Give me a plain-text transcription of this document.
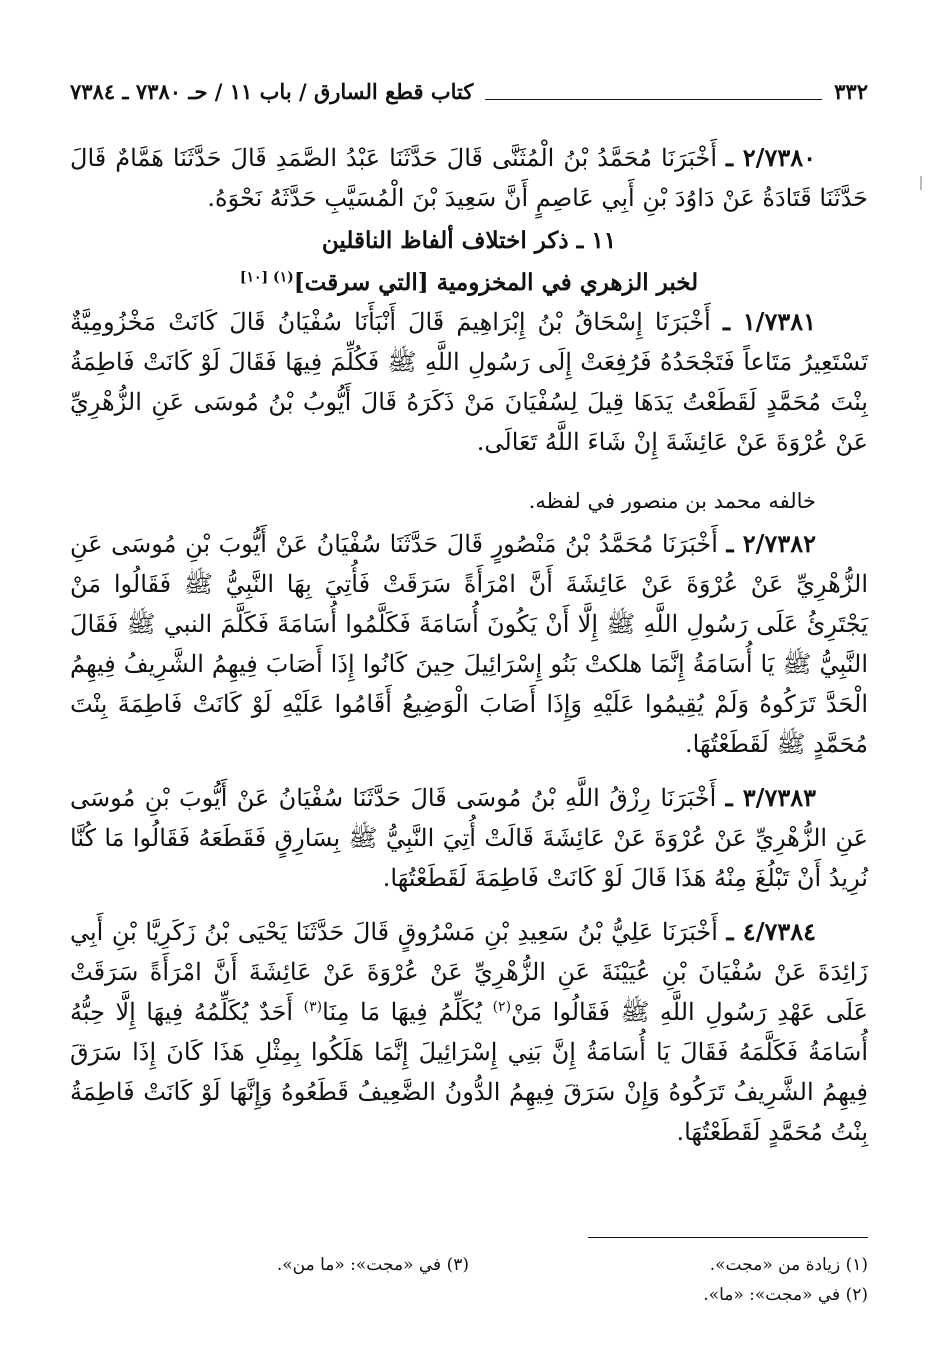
٣٣٢
كتاب قطع السارق / باب ١١ / حـ ٧٣٨٠ ـ ٧٣٨٤

٢/٧٣٨٠ ـ أَخْبَرَنَا مُحَمَّدُ بْنُ الْمُثَنَّى قَالَ حَدَّثَنَا عَبْدُ الصَّمَدِ قَالَ حَدَّثَنَا هَمَّامٌ قَالَ حَدَّثَنَا قَتَادَةُ عَنْ دَاوُدَ بْنِ أَبِي عَاصِمٍ أَنَّ سَعِيدَ بْنَ الْمُسَيَّبِ حَدَّثَهُ نَحْوَهُ.

١١ ـ ذكر اختلاف ألفاظ الناقلين
لخبر الزهري في المخزومية [التي سرقت]$^{(١) [١٠]}$

١/٧٣٨١ ـ أَخْبَرَنَا إِسْحَاقُ بْنُ إِبْرَاهِيمَ قَالَ أَنْبَأَنَا سُفْيَانُ قَالَ كَانَتْ مَخْزُومِيَّةٌ تَسْتَعِيرُ مَتَاعاً فَتَجْحَدُهُ فَرُفِعَتْ إِلَى رَسُولِ اللَّهِ ﷺ فَكُلِّمَ فِيهَا فَقَالَ لَوْ كَانَتْ فَاطِمَةُ بِنْتَ مُحَمَّدٍ لَقَطَعْتُ يَدَهَا قِيلَ لِسُفْيَانَ مَنْ ذَكَرَهُ قَالَ أَيُّوبُ بْنُ مُوسَى عَنِ الزُّهْرِيِّ عَنْ عُرْوَةَ عَنْ عَائِشَةَ إِنْ شَاءَ اللَّهُ تَعَالَى.

خالفه محمد بن منصور في لفظه.

٢/٧٣٨٢ ـ أَخْبَرَنَا مُحَمَّدُ بْنُ مَنْصُورٍ قَالَ حَدَّثَنَا سُفْيَانُ عَنْ أَيُّوبَ بْنِ مُوسَى عَنِ الزُّهْرِيِّ عَنْ عُرْوَةَ عَنْ عَائِشَةَ أَنَّ امْرَأَةً سَرَقَتْ فَأُتِيَ بِهَا النَّبِيُّ ﷺ فَقَالُوا مَنْ يَجْتَرِئُ عَلَى رَسُولِ اللَّهِ ﷺ إِلَّا أَنْ يَكُونَ أُسَامَةَ فَكَلَّمُوا أُسَامَةَ فَكَلَّمَ النبي ﷺ فَقَالَ النَّبِيُّ ﷺ يَا أُسَامَةُ إِنَّمَا هلكتْ بَنُو إِسْرَائِيلَ حِينَ كَانُوا إِذَا أَصَابَ فِيهِمُ الشَّرِيفُ فِيهِمُ الْحَدَّ تَرَكُوهُ وَلَمْ يُقِيمُوا عَلَيْهِ وَإِذَا أَصَابَ الْوَضِيعُ أَقَامُوا عَلَيْهِ لَوْ كَانَتْ فَاطِمَةَ بِنْتَ مُحَمَّدٍ ﷺ لَقَطَعْتُهَا.

٣/٧٣٨٣ ـ أَخْبَرَنَا رِزْقُ اللَّهِ بْنُ مُوسَى قَالَ حَدَّثَنَا سُفْيَانُ عَنْ أَيُّوبَ بْنِ مُوسَى عَنِ الزُّهْرِيِّ عَنْ عُرْوَةَ عَنْ عَائِشَةَ قَالَتْ أُتِيَ النَّبِيُّ ﷺ بِسَارِقٍ فَقَطَعَهُ فَقَالُوا مَا كُنَّا نُرِيدُ أَنْ تَبْلُغَ مِنْهُ هَذَا قَالَ لَوْ كَانَتْ فَاطِمَةَ لَقَطَعْتُهَا.

٤/٧٣٨٤ ـ أَخْبَرَنَا عَلِيُّ بْنُ سَعِيدِ بْنِ مَسْرُوقٍ قَالَ حَدَّثَنَا يَحْيَى بْنُ زَكَرِيَّا بْنِ أَبِي زَائِدَةَ عَنْ سُفْيَانَ بْنِ عُيَيْنَةَ عَنِ الزُّهْرِيِّ عَنْ عُرْوَةَ عَنْ عَائِشَةَ أَنَّ امْرَأَةً سَرَقَتْ عَلَى عَهْدِ رَسُولِ اللَّهِ ﷺ فَقَالُوا مَنْ$^{(٢)}$ يُكَلِّمُ فِيهَا مَا مِنَا$^{(٣)}$ أَحَدٌ يُكَلِّمُهُ فِيهَا إِلَّا حِبُّهُ أُسَامَةُ فَكَلَّمَهُ فَقَالَ يَا أُسَامَةُ إِنَّ بَنِي إِسْرَائِيلَ إِنَّمَا هَلَكُوا بِمِثْلِ هَذَا كَانَ إِذَا سَرَقَ فِيهِمُ الشَّرِيفُ تَرَكُوهُ وَإِنْ سَرَقَ فِيهِمُ الدُّونُ الضَّعِيفُ قَطَعُوهُ وَإِنَّهَا لَوْ كَانَتْ فَاطِمَةُ بِنْتُ مُحَمَّدٍ لَقَطَعْتُهَا.

(١) زيادة من «مجت».
(٣) في «مجت»: «ما من».
(٢) في «مجت»: «ما».
